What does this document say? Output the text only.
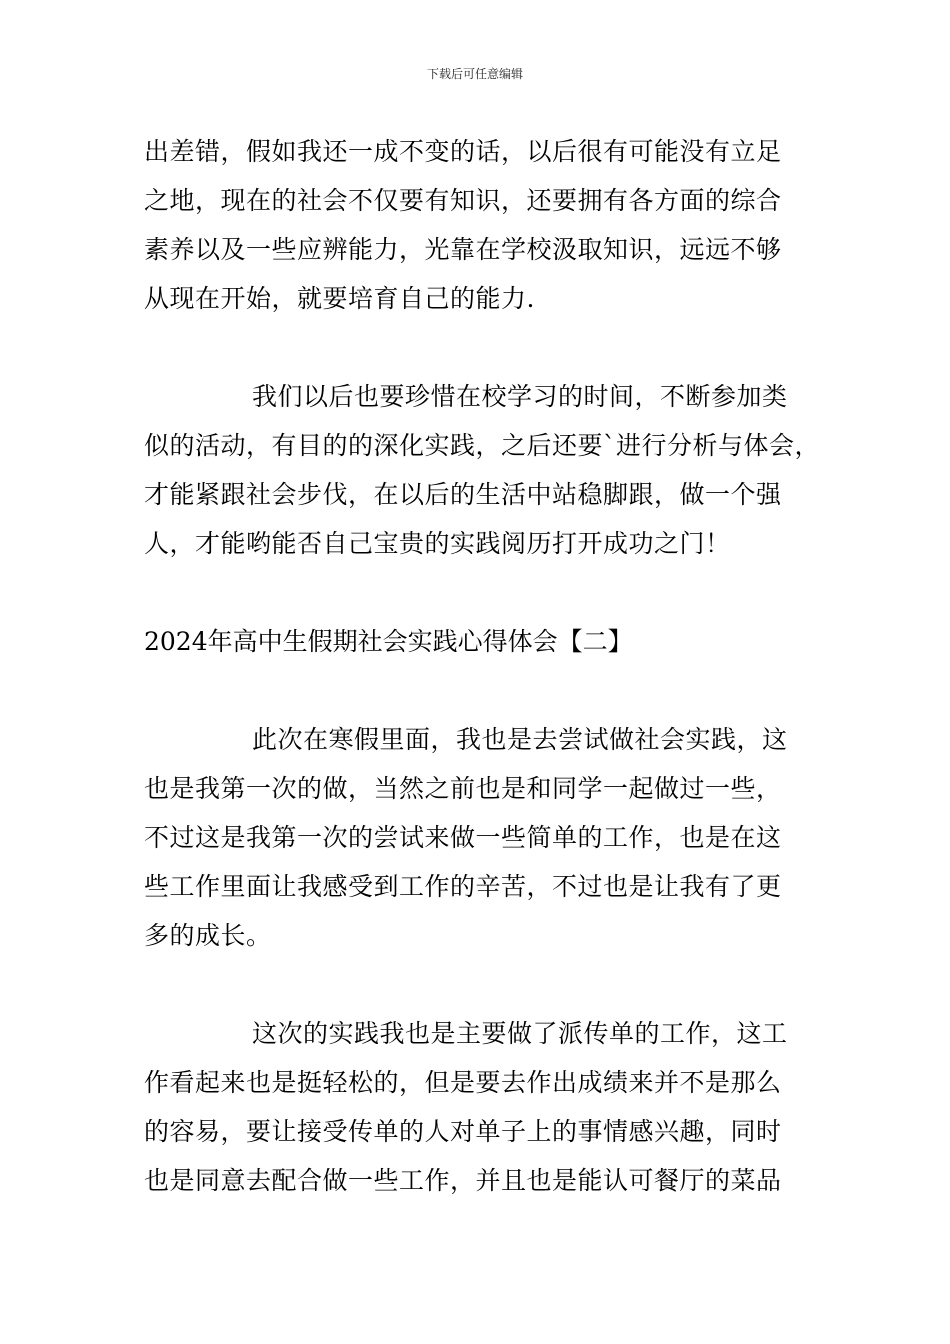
下载后可任意编辑
出差错，假如我还一成不变的话，以后很有可能没有立足
之地，现在的社会不仅要有知识，还要拥有各方面的综合
素养以及一些应辨能力，光靠在学校汲取知识，远远不够
从现在开始，就要培育自己的能力.
我们以后也要珍惜在校学习的时间，不断参加类
似的活动，有目的的深化实践，之后还要`进行分析与体会，
才能紧跟社会步伐，在以后的生活中站稳脚跟，做一个强
人，才能哟能否自己宝贵的实践阅历打开成功之门！
2024年高中生假期社会实践心得体会【二】
此次在寒假里面，我也是去尝试做社会实践，这
也是我第一次的做，当然之前也是和同学一起做过一些，
不过这是我第一次的尝试来做一些简单的工作，也是在这
些工作里面让我感受到工作的辛苦，不过也是让我有了更
多的成长。
这次的实践我也是主要做了派传单的工作，这工
作看起来也是挺轻松的，但是要去作出成绩来并不是那么
的容易，要让接受传单的人对单子上的事情感兴趣，同时
也是同意去配合做一些工作，并且也是能认可餐厅的菜品
